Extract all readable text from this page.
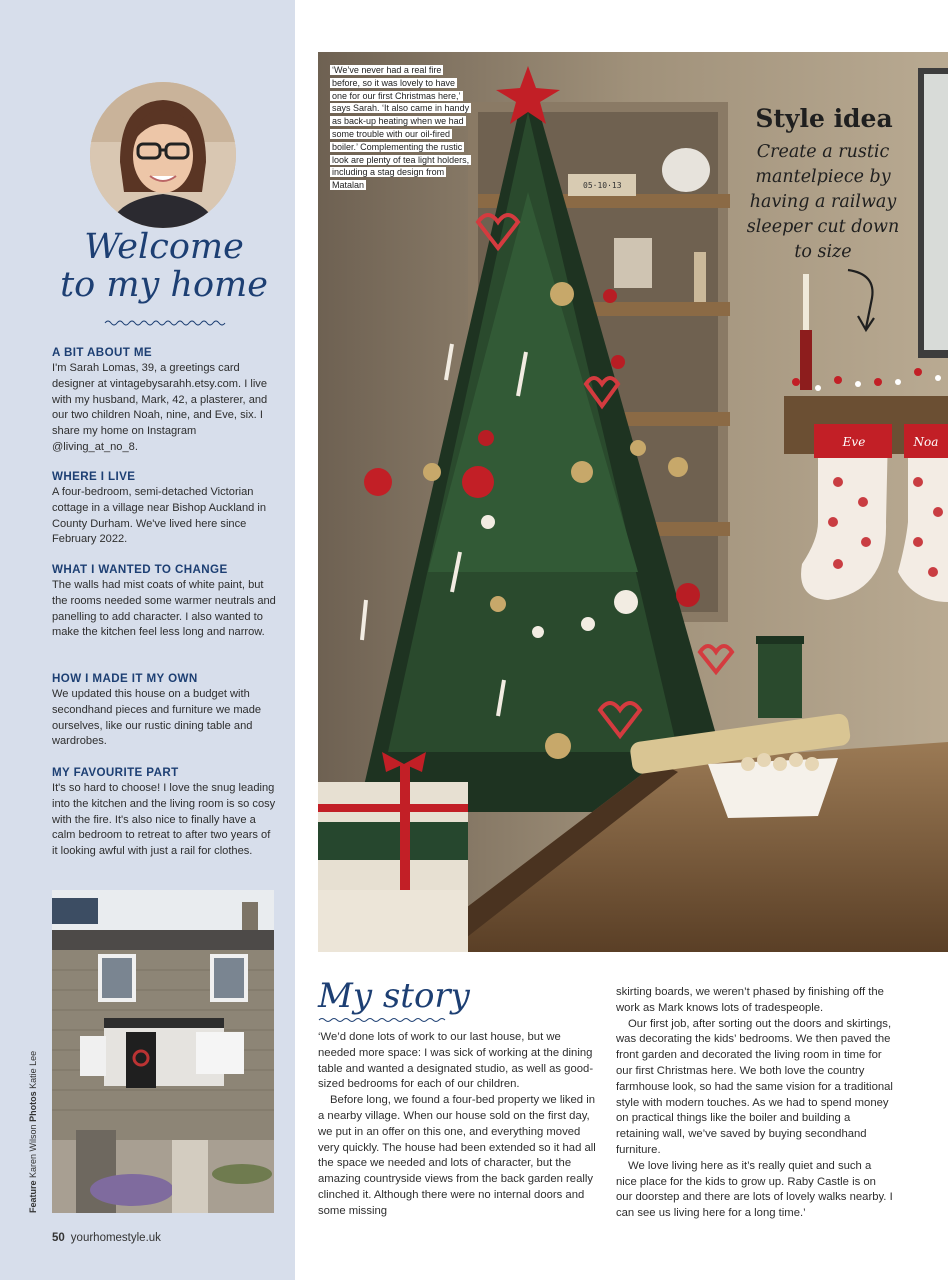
Welcome
to my home
A BIT ABOUT ME

I'm Sarah Lomas, 39, a greetings card designer at vintagebysarahh.etsy.com. I live with my husband, Mark, 42, a plasterer, and our two children Noah, nine, and Eve, six. I share my home on Instagram @living_at_no_8.

WHERE I LIVE

A four-bedroom, semi-detached Victorian cottage in a village near Bishop Auckland in County Durham. We've lived here since February 2022.

WHAT I WANTED TO CHANGE

The walls had mist coats of white paint, but the rooms needed some warmer neutrals and panelling to add character. I also wanted to make the kitchen feel less long and narrow.

HOW I MADE IT MY OWN

We updated this house on a budget with secondhand pieces and furniture we made ourselves, like our rustic dining table and wardrobes.

MY FAVOURITE PART

It's so hard to choose! I love the snug leading into the kitchen and the living room is so cosy with the fire. It's also nice to finally have a calm bedroom to retreat to after two years of it looking awful with just a rail for clothes.

Feature Karen Wilson Photos Katie Lee
50 yourhomestyle.uk
Eve	Noa
‘We’ve never had a real fire before, so it was lovely to have one for our first Christmas here,’ says Sarah. ‘It also came in handy as back-up heating when we had some trouble with our oil-fired boiler.’ Complementing the rustic look are plenty of tea light holders, including a stag design from Matalan	05·10·13
Style idea
Create a rustic mantelpiece by having a railway sleeper cut down to size
My story

‘We’d done lots of work to our last house, but we needed more space: I was sick of working at the dining table and wanted a designated studio, as well as good-sized bedrooms for each of our children.

Before long, we found a four-bed property we liked in a nearby village. When our house sold on the first day, we put in an offer on this one, and everything moved very quickly. The house had been extended so it had all the space we needed and lots of character, but the amazing countryside views from the back garden really clinched it. Although there were no internal doors and some missing

skirting boards, we weren’t phased by finishing off the work as Mark knows lots of tradespeople.

Our first job, after sorting out the doors and skirtings, was decorating the kids’ bedrooms. We then paved the front garden and decorated the living room in time for our first Christmas here. We both love the country farmhouse look, so had the same vision for a traditional style with modern touches. As we had to spend money on practical things like the boiler and building a retaining wall, we’ve saved by buying secondhand furniture.

We love living here as it’s really quiet and such a nice place for the kids to grow up. Raby Castle is on our doorstep and there are lots of lovely walks nearby. I can see us living here for a long time.’
